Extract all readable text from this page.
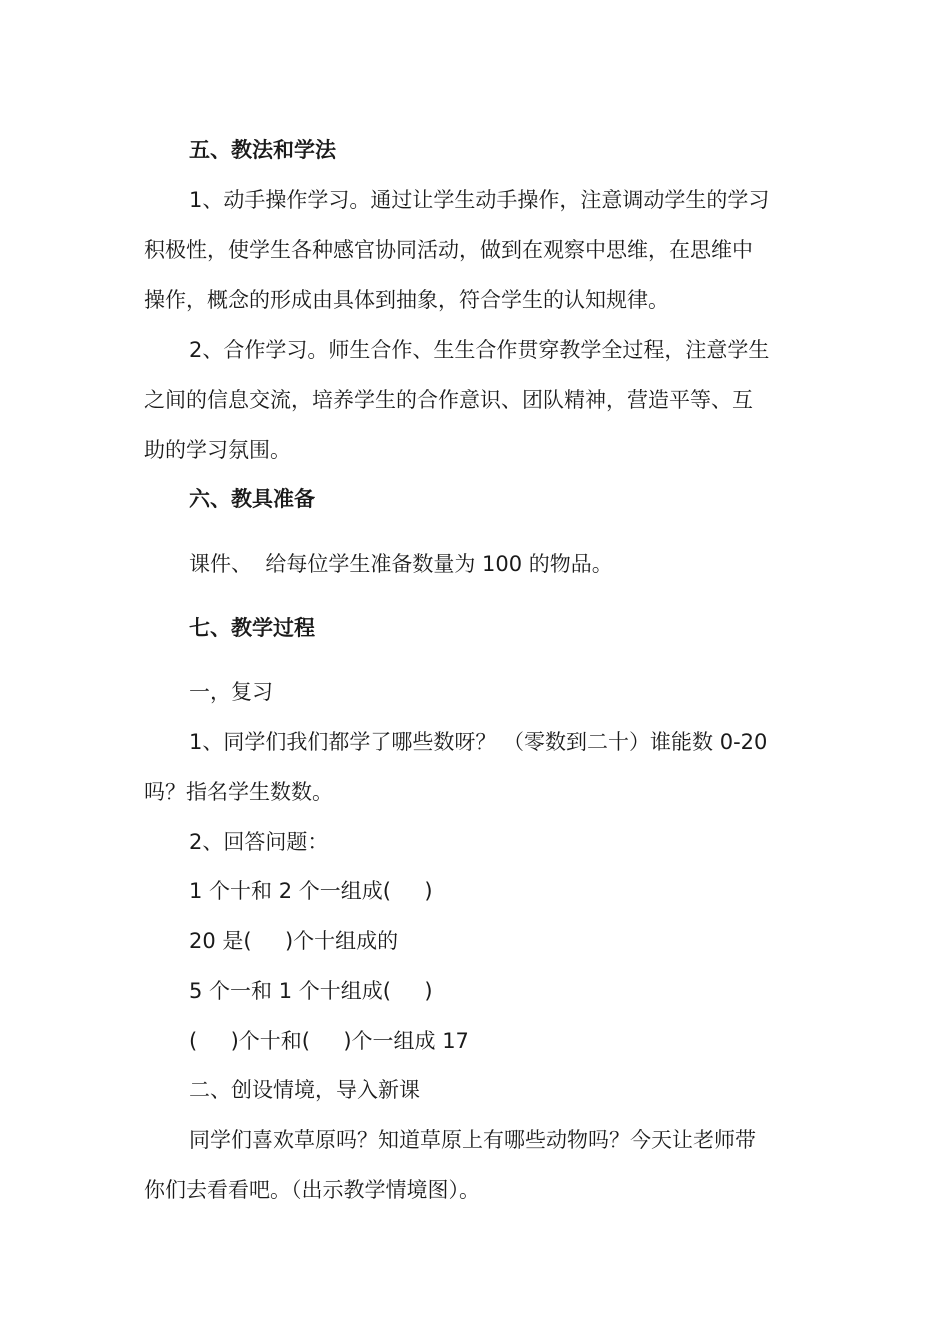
五、教法和学法
1、动手操作学习。通过让学生动手操作，注意调动学生的学习
积极性，使学生各种感官协同活动，做到在观察中思维，在思维中
操作，概念的形成由具体到抽象，符合学生的认知规律。
2、合作学习。师生合作、生生合作贯穿教学全过程，注意学生
之间的信息交流，培养学生的合作意识、团队精神，营造平等、互
助的学习氛围。
六、教具准备
课件、  给每位学生准备数量为 100 的物品。
七、教学过程
一，复习
1、同学们我们都学了哪些数呀？ （零数到二十）谁能数 0-20
吗？指名学生数数。
2、回答问题：
1 个十和 2 个一组成(     )
20 是(     )个十组成的
5 个一和 1 个十组成(     )
(     )个十和(     )个一组成 17
二、创设情境，导入新课
同学们喜欢草原吗？知道草原上有哪些动物吗？今天让老师带
你们去看看吧。（出示教学情境图）。
